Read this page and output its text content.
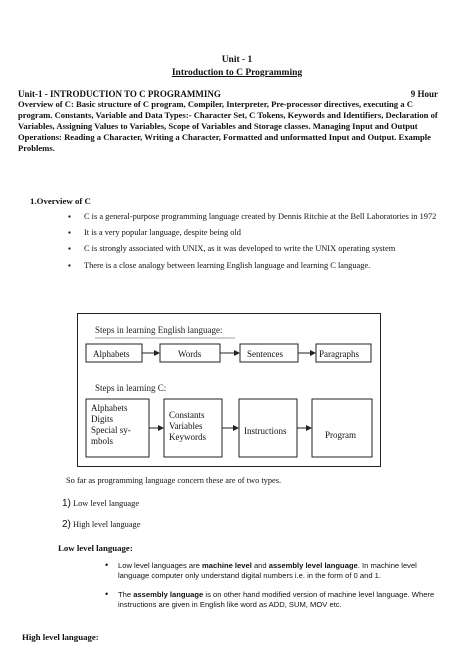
Unit - 1
Introduction to C Programming
Unit-1 - INTRODUCTION TO C PROGRAMMING	9 Hour
Overview of C: Basic structure of C program, Compiler, Interpreter, Pre-processor directives, executing a C program. Constants, Variable and Data Types:- Character Set, C Tokens, Keywords and Identifiers, Declaration of Variables, Assigning Values to Variables, Scope of Variables and Storage classes. Managing Input and Output Operations: Reading a Character, Writing a Character, Formatted and unformatted Input and Output. Example Problems.
1.Overview of C
▪ C is a general-purpose programming language created by Dennis Ritchie at the Bell Laboratories in 1972
▪ It is a very popular language, despite being old
▪ C is strongly associated with UNIX, as it was developed to write the UNIX operating system
▪ There is a close analogy between learning English language and learning C language.
Steps in learning English language:
Alphabets	Words	Sentences	Paragraphs
Steps in learning C:
Alphabets
Digits
Special sy-
mbols
Constants
Variables
Keywords
Instructions	Program
So far as programming language concern these are of two types.
1) Low level language
2) High level language
Low level language:
• Low level languages are machine level and assembly level language. In machine level language computer only understand digital numbers i.e. in the form of 0 and 1.
• The assembly language is on other hand modified version of machine level language. Where instructions are given in English like word as ADD, SUM, MOV etc.
High level language:
